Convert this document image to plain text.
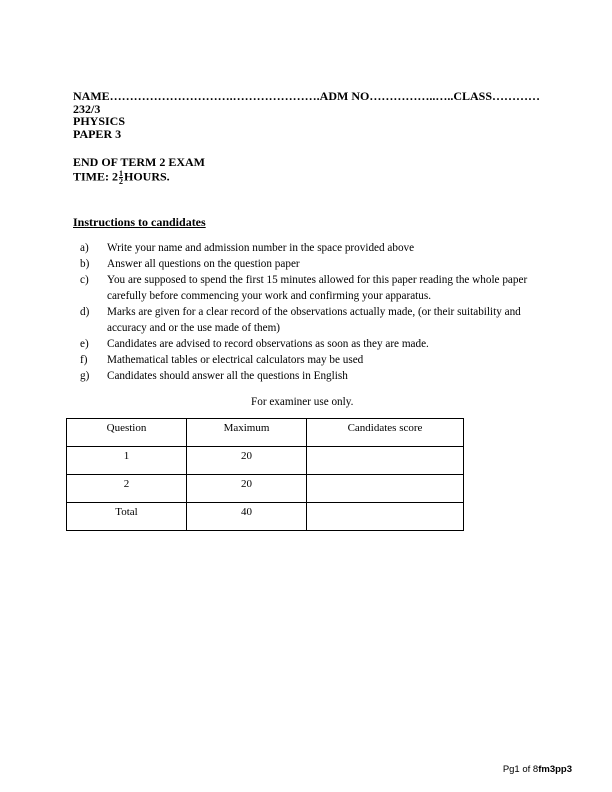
NAME………………………….………………….ADM NO……………..…..CLASS…………
232/3
PHYSICS
PAPER 3
END OF TERM 2 EXAM
TIME: $2 \frac{1}{2}$ HOURS.
Instructions to candidates
a)	Write your name and admission number in the space provided above
b)	Answer all questions on the question paper
c)	You are supposed to spend the first 15 minutes allowed for this paper reading the whole paper carefully before commencing your work and confirming your apparatus.
d)	Marks are given for a clear record of the observations actually made, (or their suitability and accuracy and or the use made of them)
e)	Candidates are advised to record observations as soon as they are made.
f)	Mathematical tables or electrical calculators may be used
g)	Candidates should answer all the questions in English
For examiner use only.
Question	Maximum	Candidates score
1	20	
2	20	
Total	40	
Pg1 of 8fm3pp3
